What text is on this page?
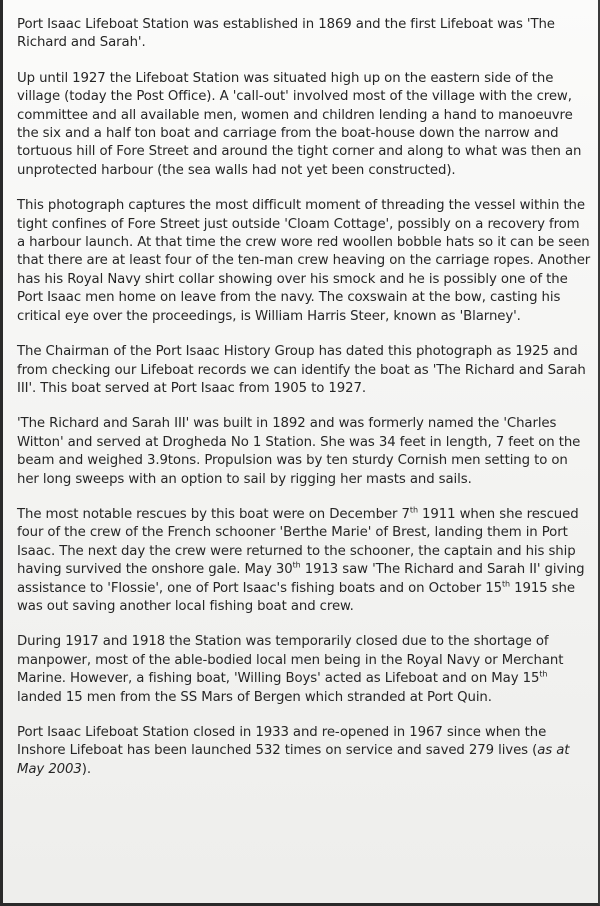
Port Isaac Lifeboat Station was established in 1869 and the first Lifeboat was 'The Richard and Sarah'.

Up until 1927 the Lifeboat Station was situated high up on the eastern side of the village (today the Post Office). A 'call-out' involved most of the village with the crew, committee and all available men, women and children lending a hand to manoeuvre the six and a half ton boat and carriage from the boat-house down the narrow and tortuous hill of Fore Street and around the tight corner and along to what was then an unprotected harbour (the sea walls had not yet been constructed).

This photograph captures the most difficult moment of threading the vessel within the tight confines of Fore Street just outside 'Cloam Cottage', possibly on a recovery from a harbour launch. At that time the crew wore red woollen bobble hats so it can be seen that there are at least four of the ten-man crew heaving on the carriage ropes. Another has his Royal Navy shirt collar showing over his smock and he is possibly one of the Port Isaac men home on leave from the navy. The coxswain at the bow, casting his critical eye over the proceedings, is William Harris Steer, known as 'Blarney'.

The Chairman of the Port Isaac History Group has dated this photograph as 1925 and from checking our Lifeboat records we can identify the boat as 'The Richard and Sarah III'. This boat served at Port Isaac from 1905 to 1927.

'The Richard and Sarah III' was built in 1892 and was formerly named the 'Charles Witton' and served at Drogheda No 1 Station. She was 34 feet in length, 7 feet on the beam and weighed 3.9tons. Propulsion was by ten sturdy Cornish men setting to on her long sweeps with an option to sail by rigging her masts and sails.

The most notable rescues by this boat were on December 7th 1911 when she rescued four of the crew of the French schooner 'Berthe Marie' of Brest, landing them in Port Isaac. The next day the crew were returned to the schooner, the captain and his ship having survived the onshore gale. May 30th 1913 saw 'The Richard and Sarah II' giving assistance to 'Flossie', one of Port Isaac's fishing boats and on October 15th 1915 she was out saving another local fishing boat and crew.

During 1917 and 1918 the Station was temporarily closed due to the shortage of manpower, most of the able-bodied local men being in the Royal Navy or Merchant Marine. However, a fishing boat, 'Willing Boys' acted as Lifeboat and on May 15th landed 15 men from the SS Mars of Bergen which stranded at Port Quin.

Port Isaac Lifeboat Station closed in 1933 and re-opened in 1967 since when the Inshore Lifeboat has been launched 532 times on service and saved 279 lives (as at May 2003).
